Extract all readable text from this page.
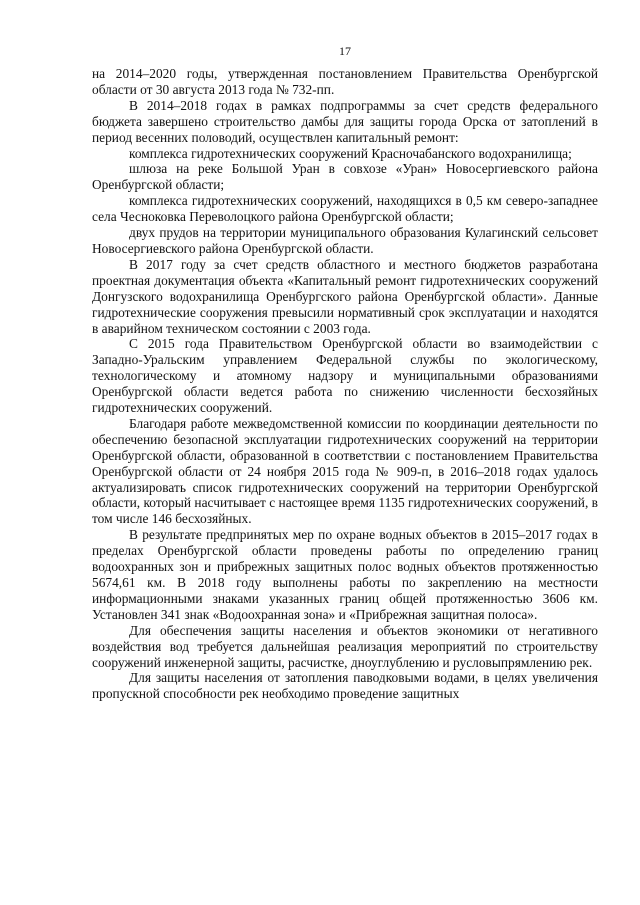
17

на 2014–2020 годы, утвержденная постановлением Правительства Оренбургской области от 30 августа 2013 года № 732-пп.

В 2014–2018 годах в рамках подпрограммы за счет средств федерального бюджета завершено строительство дамбы для защиты города Орска от затоплений в период весенних половодий, осуществлен капитальный ремонт:

комплекса гидротехнических сооружений Красночабанского водохранилища;

шлюза на реке Большой Уран в совхозе «Уран» Новосергиевского района Оренбургской области;

комплекса гидротехнических сооружений, находящихся в 0,5 км северо-западнее села Чесноковка Переволоцкого района Оренбургской области;

двух прудов на территории муниципального образования Кулагинский сельсовет Новосергиевского района Оренбургской области.

В 2017 году за счет средств областного и местного бюджетов разработана проектная документация объекта «Капитальный ремонт гидротехнических сооружений Донгузского водохранилища Оренбургского района Оренбургской области». Данные гидротехнические сооружения превысили нормативный срок эксплуатации и находятся в аварийном техническом состоянии с 2003 года.

С 2015 года Правительством Оренбургской области во взаимодействии с Западно-Уральским управлением Федеральной службы по экологическому, технологическому и атомному надзору и муниципальными образованиями Оренбургской области ведется работа по снижению численности бесхозяйных гидротехнических сооружений.

Благодаря работе межведомственной комиссии по координации деятельности по обеспечению безопасной эксплуатации гидротехнических сооружений на территории Оренбургской области, образованной в соответствии с постановлением Правительства Оренбургской области от 24 ноября 2015 года № 909-п, в 2016–2018 годах удалось актуализировать список гидротехнических сооружений на территории Оренбургской области, который насчитывает с настоящее время 1135 гидротехнических сооружений, в том числе 146 бесхозяйных.

В результате предпринятых мер по охране водных объектов в 2015–2017 годах в пределах Оренбургской области проведены работы по определению границ водоохранных зон и прибрежных защитных полос водных объектов протяженностью 5674,61 км. В 2018 году выполнены работы по закреплению на местности информационными знаками указанных границ общей протяженностью 3606 км. Установлен 341 знак «Водоохранная зона» и «Прибрежная защитная полоса».

Для обеспечения защиты населения и объектов экономики от негативного воздействия вод требуется дальнейшая реализация мероприятий по строительству сооружений инженерной защиты, расчистке, дноуглублению и русловыпрямлению рек.

Для защиты населения от затопления паводковыми водами, в целях увеличения пропускной способности рек необходимо проведение защитных
